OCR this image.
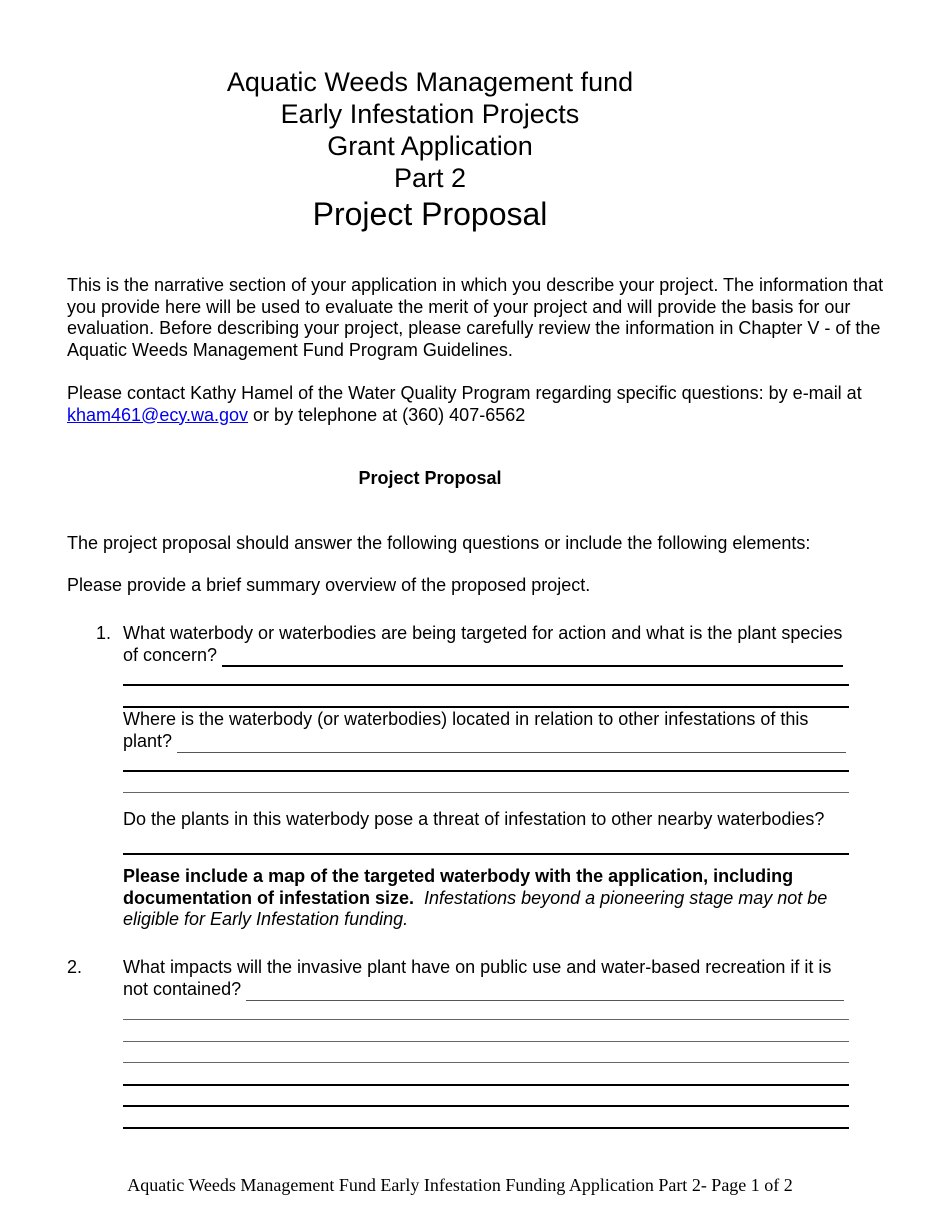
Aquatic Weeds Management fund
Early Infestation Projects
Grant Application
Part 2
Project Proposal
This is the narrative section of your application in which you describe your project. The information that you provide here will be used to evaluate the merit of your project and will provide the basis for our evaluation. Before describing your project, please carefully review the information in Chapter V - of the Aquatic Weeds Management Fund Program Guidelines.
Please contact Kathy Hamel of the Water Quality Program regarding specific questions: by e-mail at kham461@ecy.wa.gov or by telephone at (360) 407-6562
Project Proposal
The project proposal should answer the following questions or include the following elements:
Please provide a brief summary overview of the proposed project.
1. What waterbody or waterbodies are being targeted for action and what is the plant species
of concern?
Where is the waterbody (or waterbodies) located in relation to other infestations of this
plant?
Do the plants in this waterbody pose a threat of infestation to other nearby waterbodies?
Please include a map of the targeted waterbody with the application, including documentation of infestation size. Infestations beyond a pioneering stage may not be eligible for Early Infestation funding.
2. What impacts will the invasive plant have on public use and water-based recreation if it is
not contained?
Aquatic Weeds Management Fund Early Infestation Funding Application Part 2- Page 1 of 2
